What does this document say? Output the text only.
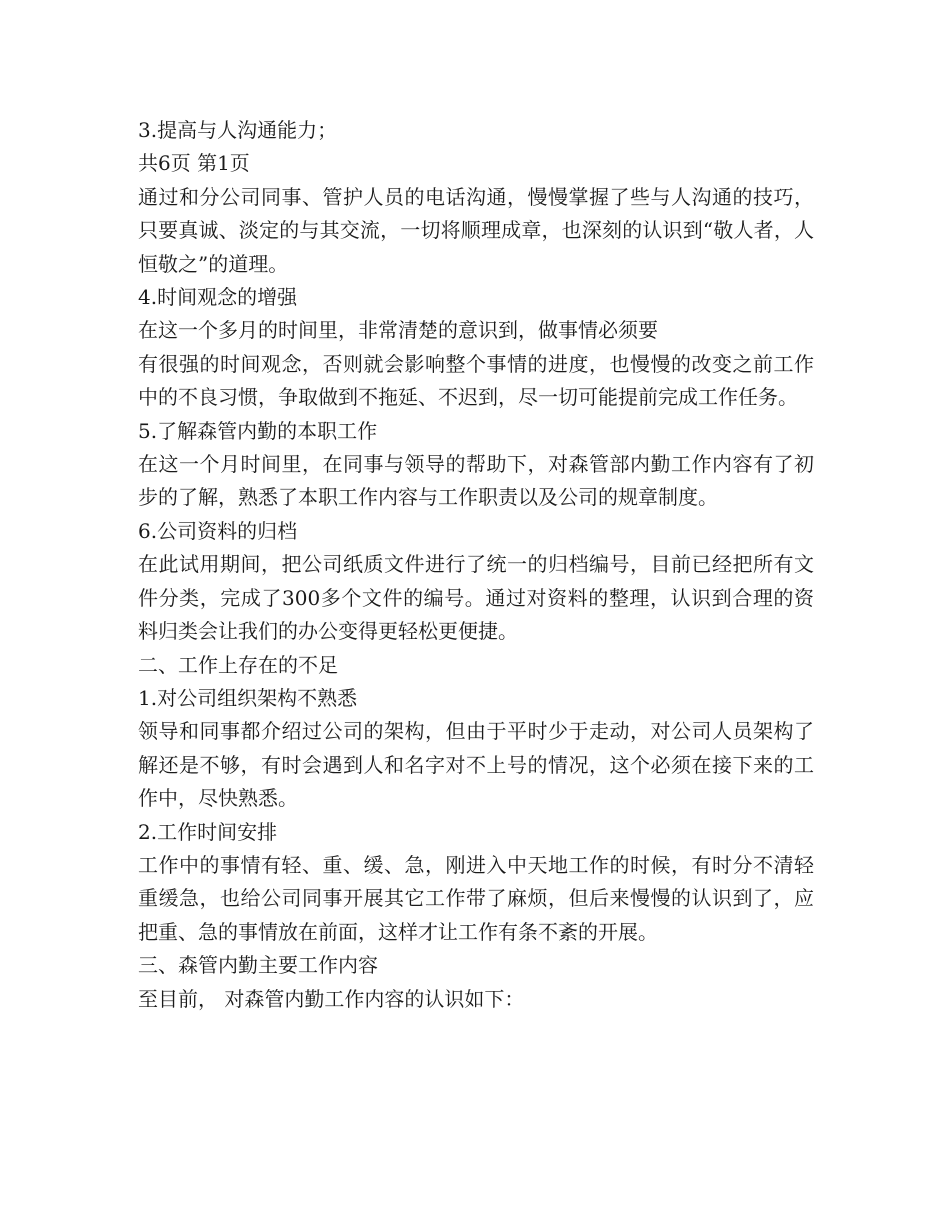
3.提高与人沟通能力；

共6页 第1页

通过和分公司同事、管护人员的电话沟通，慢慢掌握了些与人沟通的技巧，只要真诚、淡定的与其交流，一切将顺理成章，也深刻的认识到“敬人者，人恒敬之”的道理。

4.时间观念的增强

在这一个多月的时间里，非常清楚的意识到，做事情必须要

有很强的时间观念，否则就会影响整个事情的进度，也慢慢的改变之前工作中的不良习惯，争取做到不拖延、不迟到，尽一切可能提前完成工作任务。

5.了解森管内勤的本职工作

在这一个月时间里，在同事与领导的帮助下，对森管部内勤工作内容有了初步的了解，熟悉了本职工作内容与工作职责以及公司的规章制度。

6.公司资料的归档

在此试用期间，把公司纸质文件进行了统一的归档编号，目前已经把所有文件分类，完成了300多个文件的编号。通过对资料的整理，认识到合理的资料归类会让我们的办公变得更轻松更便捷。

二、工作上存在的不足

1.对公司组织架构不熟悉

领导和同事都介绍过公司的架构，但由于平时少于走动，对公司人员架构了解还是不够，有时会遇到人和名字对不上号的情况，这个必须在接下来的工作中，尽快熟悉。

2.工作时间安排

工作中的事情有轻、重、缓、急，刚进入中天地工作的时候，有时分不清轻重缓急，也给公司同事开展其它工作带了麻烦，但后来慢慢的认识到了，应把重、急的事情放在前面，这样才让工作有条不紊的开展。

三、森管内勤主要工作内容

至目前， 对森管内勤工作内容的认识如下：
